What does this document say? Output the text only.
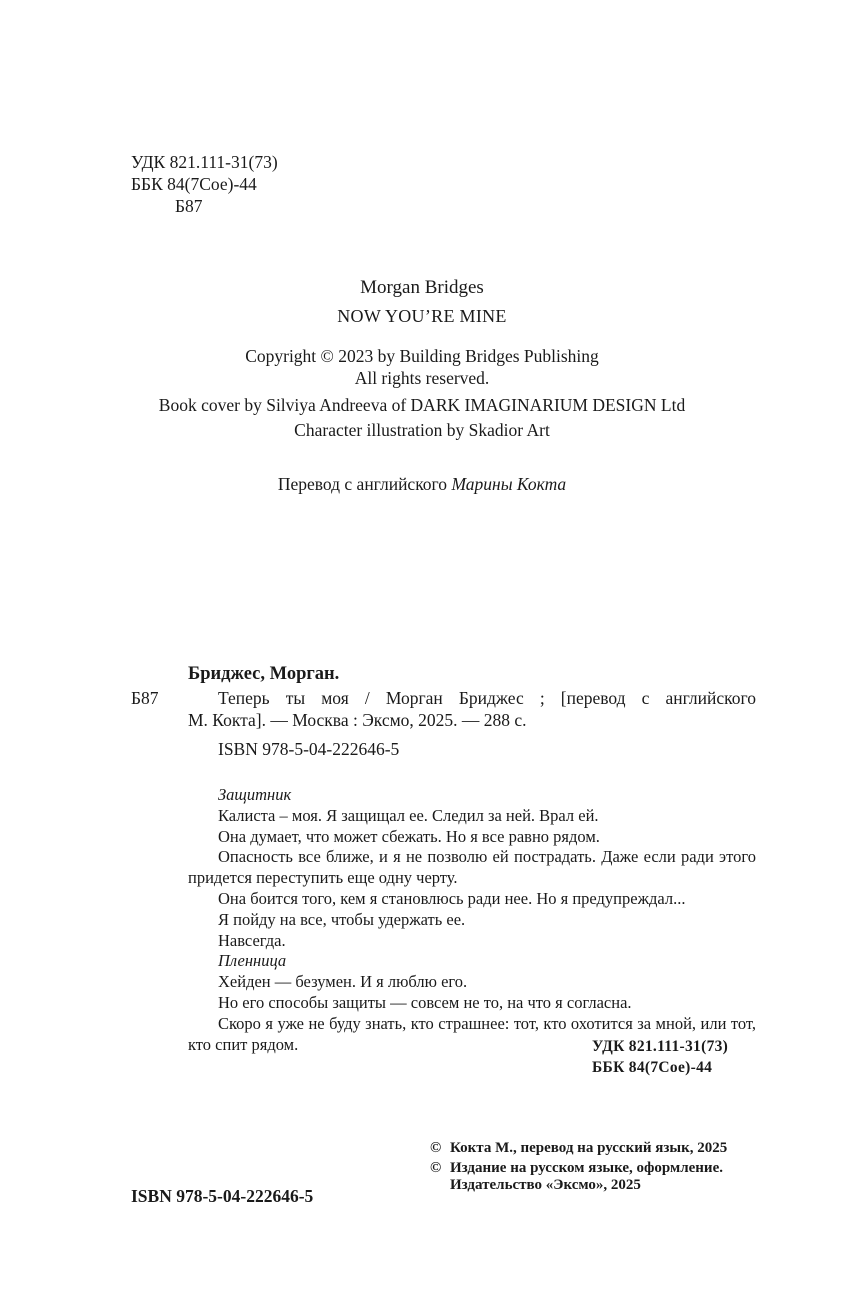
УДК 821.111-31(73)
ББК 84(7Сое)-44
Б87
Morgan Bridges
NOW YOU’RE MINE
Copyright © 2023 by Building Bridges Publishing
All rights reserved.
Book cover by Silviya Andreeva of DARK IMAGINARIUM DESIGN Ltd
Character illustration by Skadior Art
Перевод с английского Марины Кокта
Бриджес, Морган.
Б87	Теперь ты моя / Морган Бриджес ; [перевод с английского

М. Кокта]. — Москва : Эксмо, 2025. — 288 с.

ISBN 978-5-04-222646-5

Защитник

Калиста – моя. Я защищал ее. Следил за ней. Врал ей.

Она думает, что может сбежать. Но я все равно рядом.

Опасность все ближе, и я не позволю ей пострадать. Даже если ради этого придется переступить еще одну черту.

Она боится того, кем я становлюсь ради нее. Но я предупреждал...

Я пойду на все, чтобы удержать ее.

Навсегда.

Пленница

Хейден — безумен. И я люблю его.

Но его способы защиты — совсем не то, на что я согласна.

Скоро я уже не буду знать, кто страшнее: тот, кто охотится за мной, или тот, кто спит рядом.	УДК 821.111-31(73)
ББК 84(7Сое)-44
ISBN 978-5-04-222646-5
© Кокта М., перевод на русский язык, 2025
© Издание на русском языке, оформление. Издательство «Эксмо», 2025
